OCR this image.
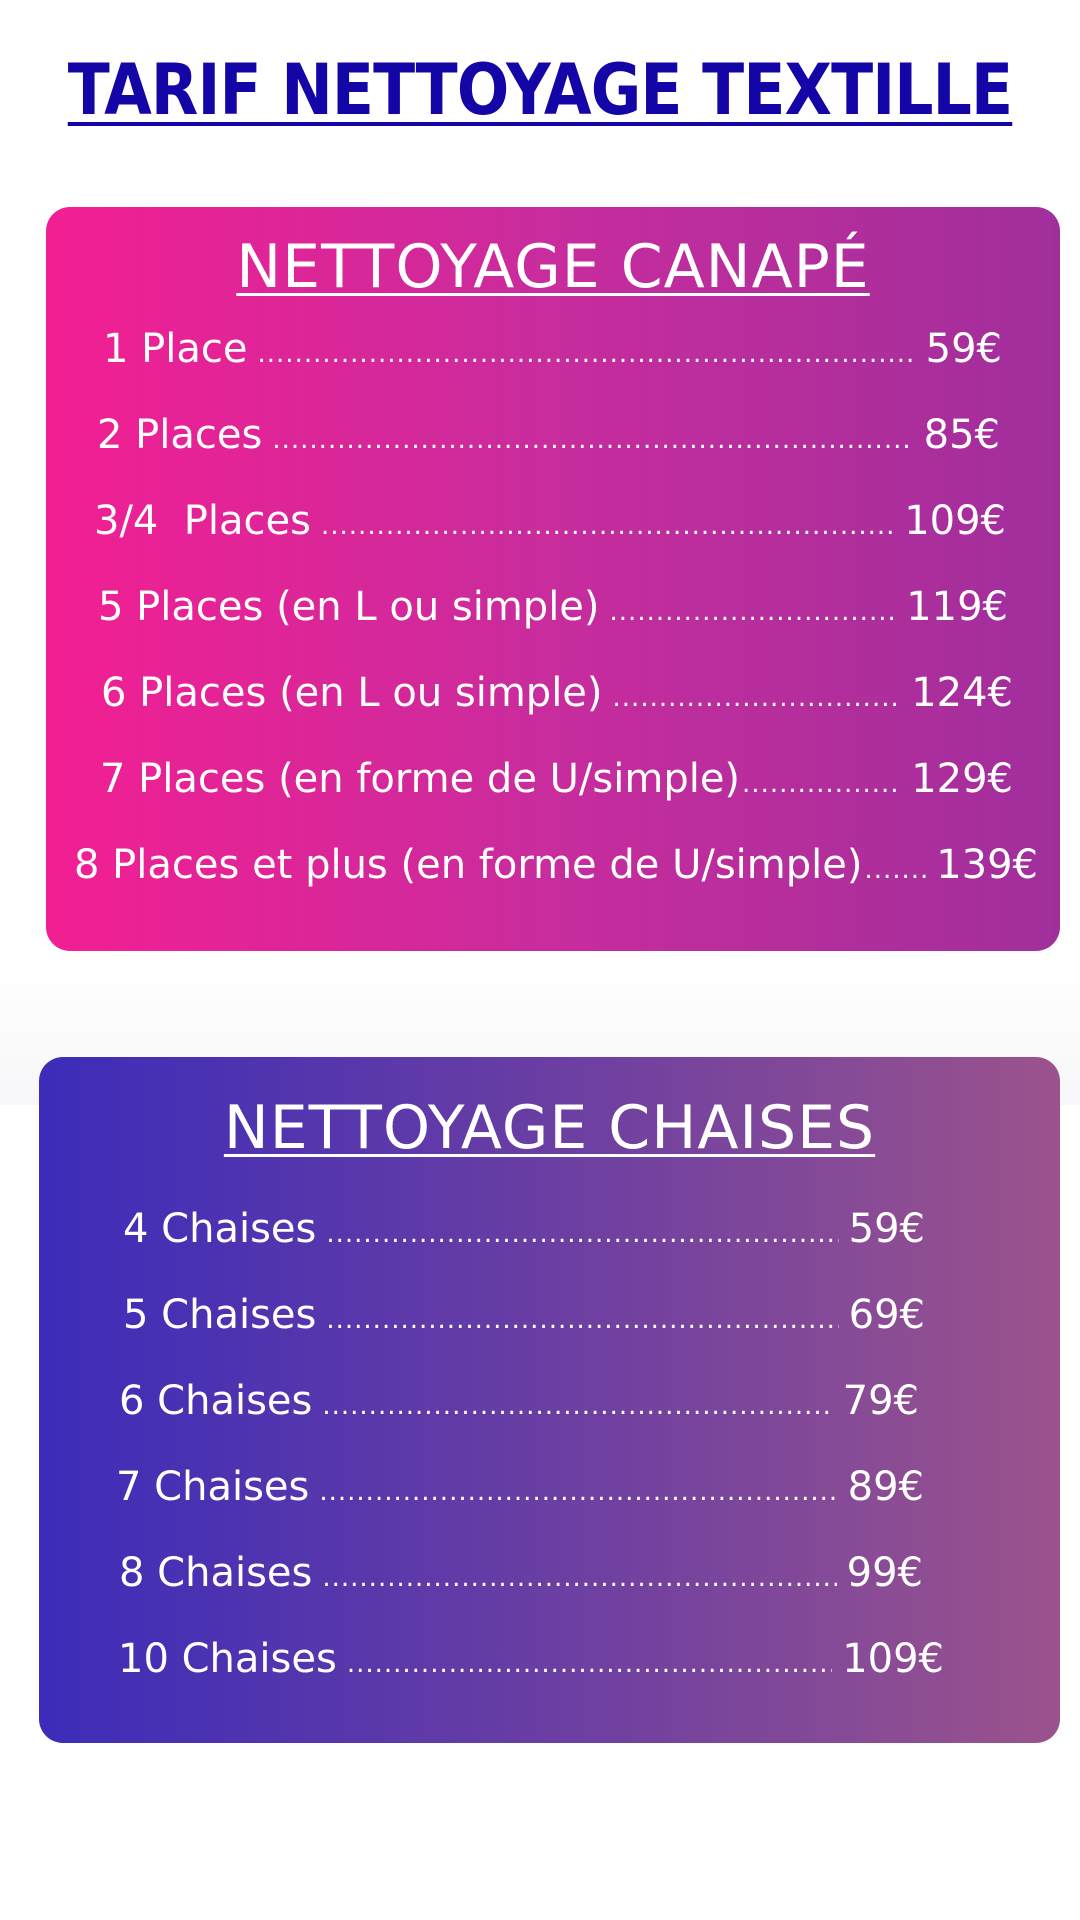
TARIF NETTOYAGE TEXTILLE
NETTOYAGE CANAPÉ
1 Place .....	59€
2 Places .....	85€
3/4  Places .....	109€
5 Places (en L ou simple) .....	119€
6 Places (en L ou simple) .....	124€
7 Places (en forme de U/simple) .....	129€
8 Places et plus (en forme de U/simple) ..... 139€
NETTOYAGE CHAISES
4 Chaises .....	59€
5 Chaises .....	69€
6 Chaises .....	79€
7 Chaises .....	89€
8 Chaises .....	99€
10 Chaises .....	109€
